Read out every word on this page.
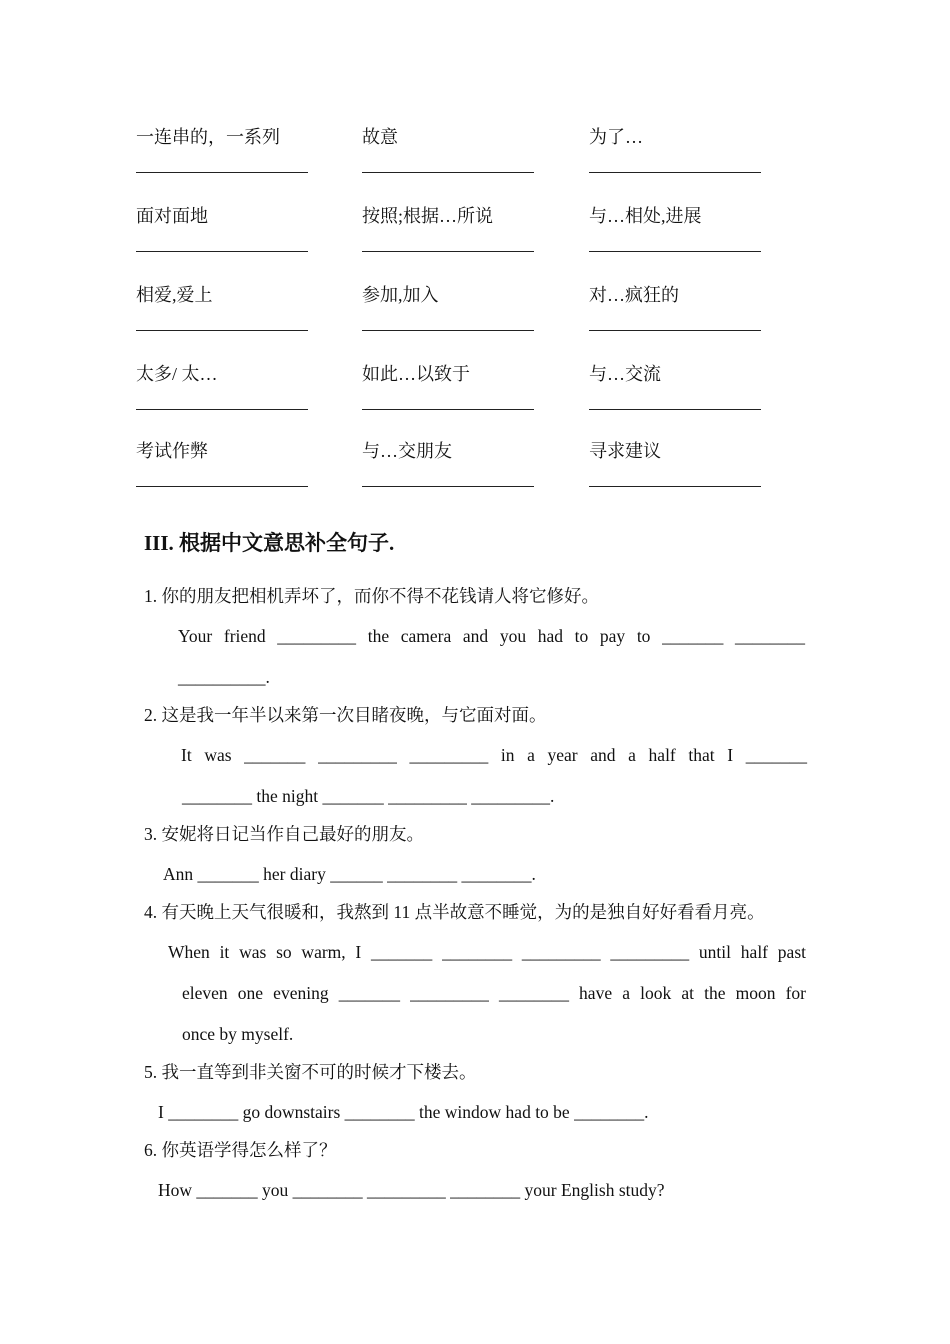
一连串的，一系列	故意	为了…
面对面地	按照;根据…所说	与…相处,进展
相爱,爱上	参加,加入	对…疯狂的
太多/ 太…	如此…以致于	与…交流
考试作弊	与…交朋友	寻求建议
III. 根据中文意思补全句子.
1. 你的朋友把相机弄坏了，而你不得不花钱请人将它修好。
Your friend _________ the camera and you had to pay to _______ ________
__________.
2. 这是我一年半以来第一次目睹夜晚，与它面对面。
It was _______ _________ _________ in a year and a half that I _______
________ the night _______ _________ _________.
3. 安妮将日记当作自己最好的朋友。
Ann _______ her diary ______ ________ ________.
4. 有天晚上天气很暖和，我熬到 11 点半故意不睡觉，为的是独自好好看看月亮。
When it was so warm, I _______ ________ _________ _________ until half past
eleven one evening _______ _________ ________ have a look at the moon for
once by myself.
5. 我一直等到非关窗不可的时候才下楼去。
I ________ go downstairs ________ the window had to be ________.
6. 你英语学得怎么样了？
How _______ you ________ _________ ________ your English study?
